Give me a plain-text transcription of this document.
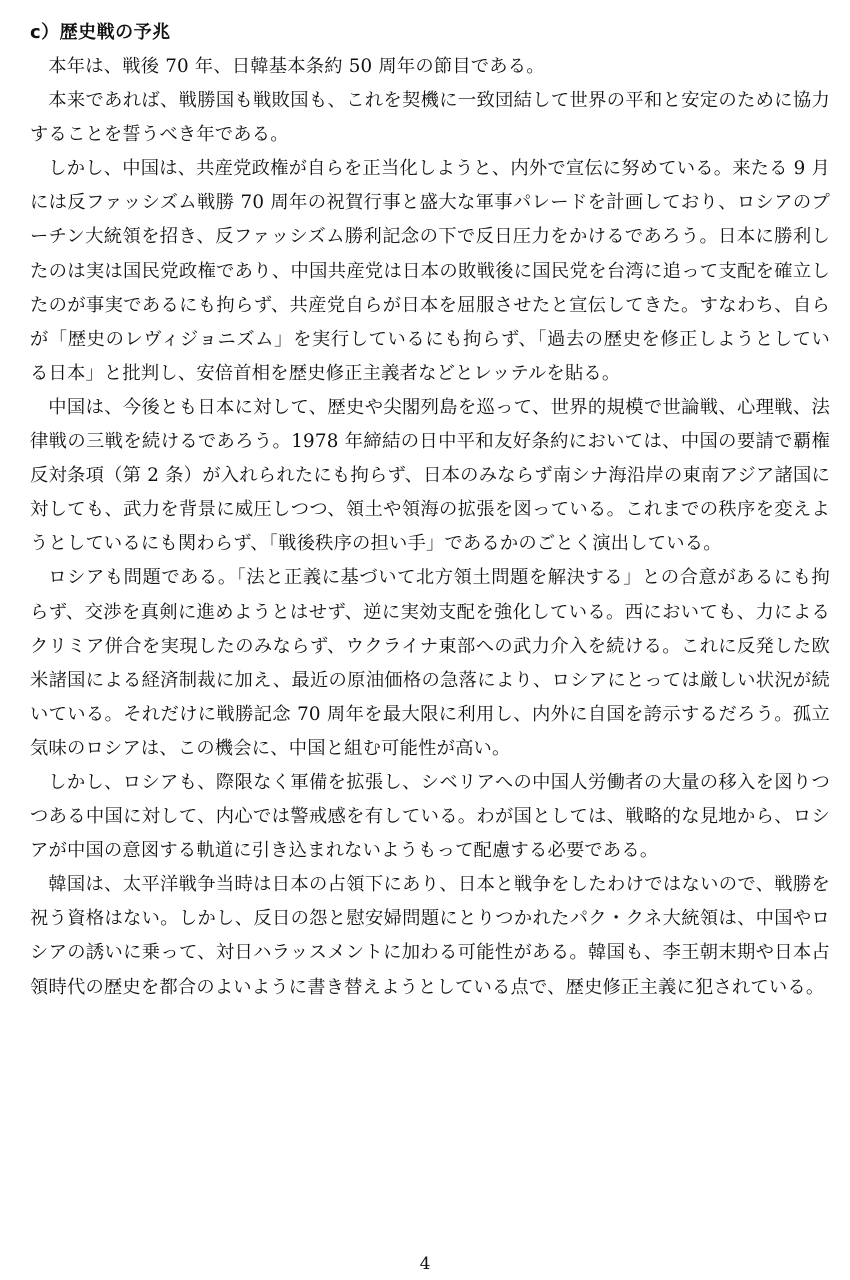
c）歴史戦の予兆

本年は、戦後 70 年、日韓基本条約 50 周年の節目である。

本来であれば、戦勝国も戦敗国も、これを契機に一致団結して世界の平和と安定のために協力することを誓うべき年である。

しかし、中国は、共産党政権が自らを正当化しようと、内外で宣伝に努めている。来たる 9 月には反ファッシズム戦勝 70 周年の祝賀行事と盛大な軍事パレードを計画しており、ロシアのプーチン大統領を招き、反ファッシズム勝利記念の下で反日圧力をかけるであろう。日本に勝利したのは実は国民党政権であり、中国共産党は日本の敗戦後に国民党を台湾に追って支配を確立したのが事実であるにも拘らず、共産党自らが日本を屈服させたと宣伝してきた。すなわち、自らが「歴史のレヴィジョニズム」を実行しているにも拘らず、「過去の歴史を修正しようとしている日本」と批判し、安倍首相を歴史修正主義者などとレッテルを貼る。

中国は、今後とも日本に対して、歴史や尖閣列島を巡って、世界的規模で世論戦、心理戦、法律戦の三戦を続けるであろう。1978 年締結の日中平和友好条約においては、中国の要請で覇権反対条項（第 2 条）が入れられたにも拘らず、日本のみならず南シナ海沿岸の東南アジア諸国に対しても、武力を背景に威圧しつつ、領土や領海の拡張を図っている。これまでの秩序を変えようとしているにも関わらず、「戦後秩序の担い手」であるかのごとく演出している。

ロシアも問題である。「法と正義に基づいて北方領土問題を解決する」との合意があるにも拘らず、交渉を真剣に進めようとはせず、逆に実効支配を強化している。西においても、力によるクリミア併合を実現したのみならず、ウクライナ東部への武力介入を続ける。これに反発した欧米諸国による経済制裁に加え、最近の原油価格の急落により、ロシアにとっては厳しい状況が続いている。それだけに戦勝記念 70 周年を最大限に利用し、内外に自国を誇示するだろう。孤立気味のロシアは、この機会に、中国と組む可能性が高い。

しかし、ロシアも、際限なく軍備を拡張し、シベリアへの中国人労働者の大量の移入を図りつつある中国に対して、内心では警戒感を有している。わが国としては、戦略的な見地から、ロシアが中国の意図する軌道に引き込まれないようもって配慮する必要である。

韓国は、太平洋戦争当時は日本の占領下にあり、日本と戦争をしたわけではないので、戦勝を祝う資格はない。しかし、反日の怨と慰安婦問題にとりつかれたパク・クネ大統領は、中国やロシアの誘いに乗って、対日ハラッスメントに加わる可能性がある。韓国も、李王朝末期や日本占領時代の歴史を都合のよいように書き替えようとしている点で、歴史修正主義に犯されている。

4
